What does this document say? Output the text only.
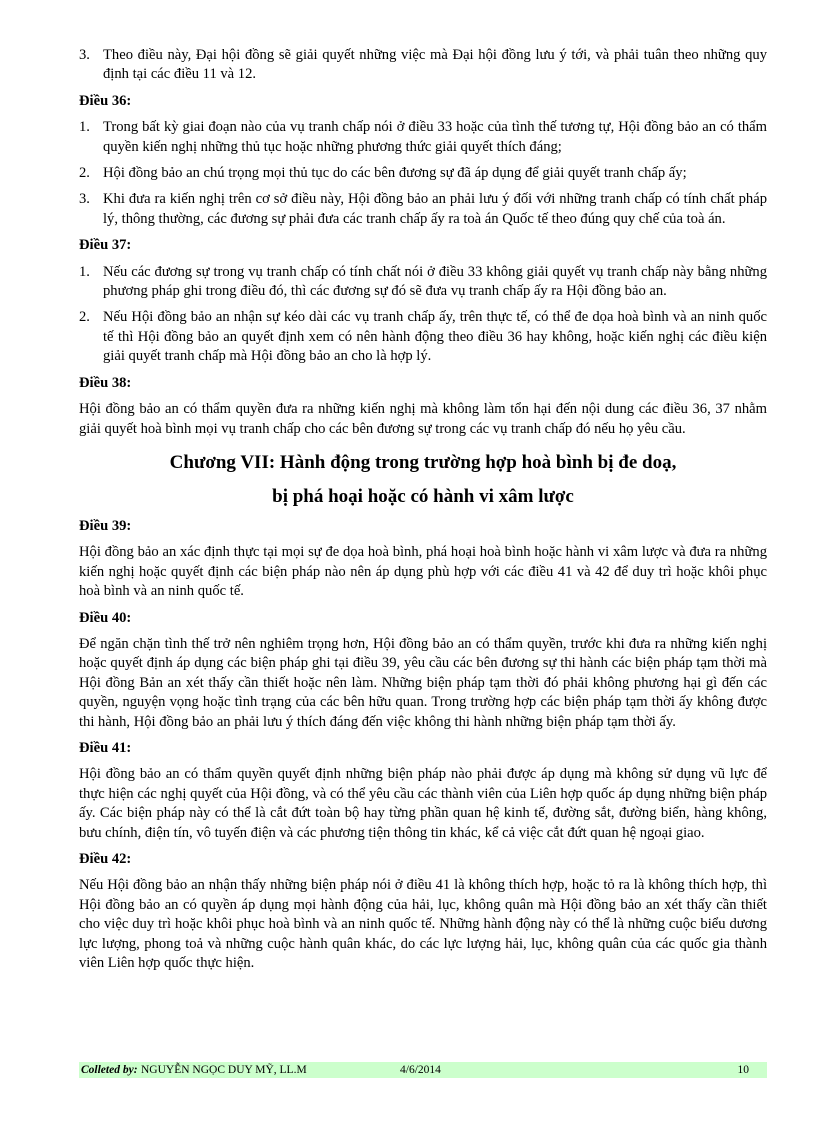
3. Theo điều này, Đại hội đồng sẽ giải quyết những việc mà Đại hội đồng lưu ý tới, và phải tuân theo những quy định tại các điều 11 và 12.
Điều 36:
1. Trong bất kỳ giai đoạn nào của vụ tranh chấp nói ở điều 33 hoặc của tình thế tương tự, Hội đồng bảo an có thẩm quyền kiến nghị những thủ tục hoặc những phương thức giải quyết thích đáng;
2. Hội đồng bảo an chú trọng mọi thủ tục do các bên đương sự đã áp dụng để giải quyết tranh chấp ấy;
3. Khi đưa ra kiến nghị trên cơ sở điều này, Hội đồng bảo an phải lưu ý đối với những tranh chấp có tính chất pháp lý, thông thường, các đương sự phải đưa các tranh chấp ấy ra toà án Quốc tế theo đúng quy chế của toà án.
Điều 37:
1. Nếu các đương sự trong vụ tranh chấp có tính chất nói ở điều 33 không giải quyết vụ tranh chấp này bằng những phương pháp ghi trong điều đó, thì các đương sự đó sẽ đưa vụ tranh chấp ấy ra Hội đồng bảo an.
2. Nếu Hội đồng bảo an nhận sự kéo dài các vụ tranh chấp ấy, trên thực tế, có thể đe dọa hoà bình và an ninh quốc tế thì Hội đồng bảo an quyết định xem có nên hành động theo điều 36 hay không, hoặc kiến nghị các điều kiện giải quyết tranh chấp mà Hội đồng bảo an cho là hợp lý.
Điều 38:

Hội đồng bảo an có thẩm quyền đưa ra những kiến nghị mà không làm tổn hại đến nội dung các điều 36, 37 nhằm giải quyết hoà bình mọi vụ tranh chấp cho các bên đương sự trong các vụ tranh chấp đó nếu họ yêu cầu.

Chương VII: Hành động trong trường hợp hoà bình bị đe doạ,
bị phá hoại hoặc có hành vi xâm lược
Điều 39:

Hội đồng bảo an xác định thực tại mọi sự đe dọa hoà bình, phá hoại hoà bình hoặc hành vi xâm lược và đưa ra những kiến nghị hoặc quyết định các biện pháp nào nên áp dụng phù hợp với các điều 41 và 42 để duy trì hoặc khôi phục hoà bình và an ninh quốc tế.

Điều 40:

Để ngăn chặn tình thế trở nên nghiêm trọng hơn, Hội đồng bảo an có thẩm quyền, trước khi đưa ra những kiến nghị hoặc quyết định áp dụng các biện pháp ghi tại điều 39, yêu cầu các bên đương sự thi hành các biện pháp tạm thời mà Hội đồng Bản an xét thấy cần thiết hoặc nên làm. Những biện pháp tạm thời đó phải không phương hại gì đến các quyền, nguyện vọng hoặc tình trạng của các bên hữu quan. Trong trường hợp các biện pháp tạm thời ấy không được thi hành, Hội đồng bảo an phải lưu ý thích đáng đến việc không thi hành những biện pháp tạm thời ấy.

Điều 41:

Hội đồng bảo an có thẩm quyền quyết định những biện pháp nào phải được áp dụng mà không sử dụng vũ lực để thực hiện các nghị quyết của Hội đồng, và có thể yêu cầu các thành viên của Liên hợp quốc áp dụng những biện pháp ấy. Các biện pháp này có thể là cắt đứt toàn bộ hay từng phần quan hệ kinh tế, đường sắt, đường biển, hàng không, bưu chính, điện tín, vô tuyến điện và các phương tiện thông tin khác, kể cả việc cắt đứt quan hệ ngoại giao.

Điều 42:

Nếu Hội đồng bảo an nhận thấy những biện pháp nói ở điều 41 là không thích hợp, hoặc tỏ ra là không thích hợp, thì Hội đồng bảo an có quyền áp dụng mọi hành động của hải, lục, không quân mà Hội đồng bảo an xét thấy cần thiết cho việc duy trì hoặc khôi phục hoà bình và an ninh quốc tế. Những hành động này có thể là những cuộc biểu dương lực lượng, phong toả và những cuộc hành quân khác, do các lực lượng hải, lục, không quân của các quốc gia thành viên Liên hợp quốc thực hiện.

Colleted by: NGUYỄN NGỌC DUY MỸ, LL.M	4/6/2014	10
